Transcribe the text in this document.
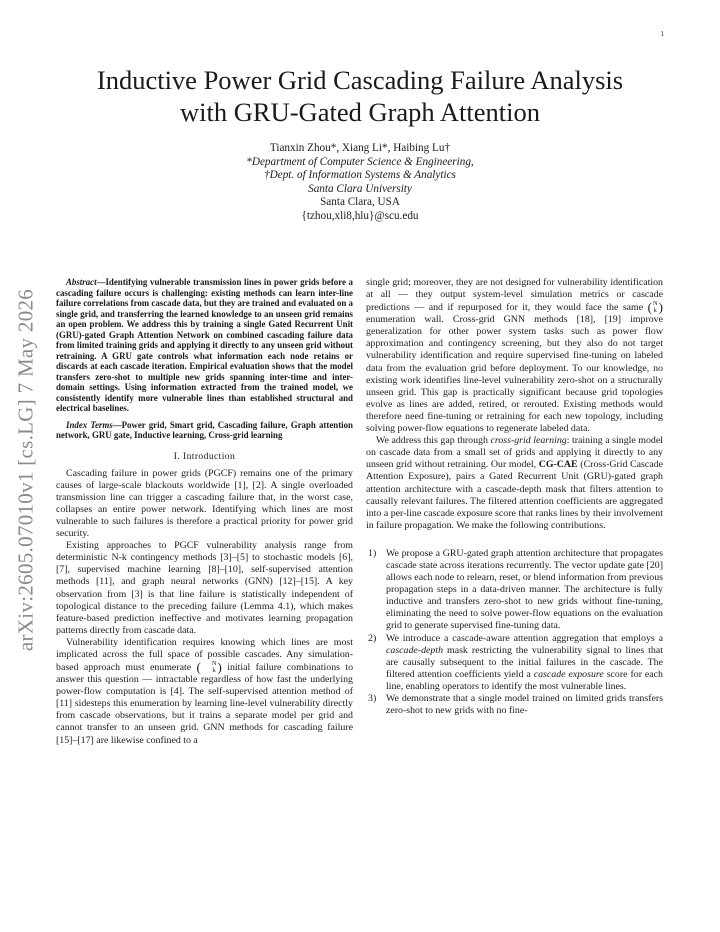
1
arXiv:2605.07010v1 [cs.LG] 7 May 2026
Inductive Power Grid Cascading Failure Analysis
with GRU-Gated Graph Attention
Tianxin Zhou*, Xiang Li*, Haibing Lu†
*Department of Computer Science & Engineering,
†Dept. of Information Systems & Analytics
Santa Clara University
Santa Clara, USA
{tzhou,xli8,hlu}@scu.edu

Abstract—Identifying vulnerable transmission lines in power grids before a cascading failure occurs is challenging: existing methods can learn inter-line failure correlations from cascade data, but they are trained and evaluated on a single grid, and transferring the learned knowledge to an unseen grid remains an open problem. We address this by training a single Gated Recurrent Unit (GRU)-gated Graph Attention Network on combined cascading failure data from limited training grids and applying it directly to any unseen grid without retraining. A GRU gate controls what information each node retains or discards at each cascade iteration. Empirical evaluation shows that the model transfers zero-shot to multiple new grids spanning inter-time and inter-domain settings. Using information extracted from the trained model, we consistently identify more vulnerable lines than established structural and electrical baselines.

Index Terms—Power grid, Smart grid, Cascading failure, Graph attention network, GRU gate, Inductive learning, Cross-grid learning

I. Introduction

Cascading failure in power grids (PGCF) remains one of the primary causes of large-scale blackouts worldwide [1], [2]. A single overloaded transmission line can trigger a cascading failure that, in the worst case, collapses an entire power network. Identifying which lines are most vulnerable to such failures is therefore a practical priority for power grid security.

Existing approaches to PGCF vulnerability analysis range from deterministic N-k contingency methods [3]–[5] to stochastic models [6], [7], supervised machine learning [8]–[10], self-supervised attention methods [11], and graph neural networks (GNN) [12]–[15]. A key observation from [3] is that line failure is statistically independent of topological distance to the preceding failure (Lemma 4.1), which makes feature-based prediction ineffective and motivates learning propagation patterns directly from cascade data.

Vulnerability identification requires knowing which lines are most implicated across the full space of possible cascades. Any simulation-based approach must enumerate (	N
k ) initial failure combinations to answer this question — intractable regardless of how fast the underlying power-flow computation is [4]. The self-supervised attention method of [11] sidesteps this enumeration by learning line-level vulnerability directly from cascade observations, but it trains a separate model per grid and cannot transfer to an unseen grid. GNN methods for cascading failure [15]–[17] are likewise confined to a

single grid; moreover, they are not designed for vulnerability identification at all — they output system-level simulation metrics or cascade predictions — and if repurposed for it, they would face the same ( N
k ) enumeration wall. Cross-grid GNN methods [18], [19] improve generalization for other power system tasks such as power flow approximation and contingency screening, but they also do not target vulnerability identification and require supervised fine-tuning on labeled data from the evaluation grid before deployment. To our knowledge, no existing work identifies line-level vulnerability zero-shot on a structurally unseen grid. This gap is practically significant because grid topologies evolve as lines are added, retired, or rerouted. Existing methods would therefore need fine-tuning or retraining for each new topology, including solving power-flow equations to regenerate labeled data.

We address this gap through cross-grid learning: training a single model on cascade data from a small set of grids and applying it directly to any unseen grid without retraining. Our model, CG-CAE (Cross-Grid Cascade Attention Exposure), pairs a Gated Recurrent Unit (GRU)-gated graph attention architecture with a cascade-depth mask that filters attention to causally relevant failures. The filtered attention coefficients are aggregated into a per-line cascade exposure score that ranks lines by their involvement in failure propagation. We make the following contributions.

1) We propose a GRU-gated graph attention architecture that propagates cascade state across iterations recurrently. The vector update gate [20] allows each node to relearn, reset, or blend information from previous propagation steps in a data-driven manner. The architecture is fully inductive and transfers zero-shot to new grids without fine-tuning, eliminating the need to solve power-flow equations on the evaluation grid to generate supervised fine-tuning data.
2) We introduce a cascade-aware attention aggregation that employs a cascade-depth mask restricting the vulnerability signal to lines that are causally subsequent to the initial failures in the cascade. The filtered attention coefficients yield a cascade exposure score for each line, enabling operators to identify the most vulnerable lines.
3) We demonstrate that a single model trained on limited grids transfers zero-shot to new grids with no fine-
